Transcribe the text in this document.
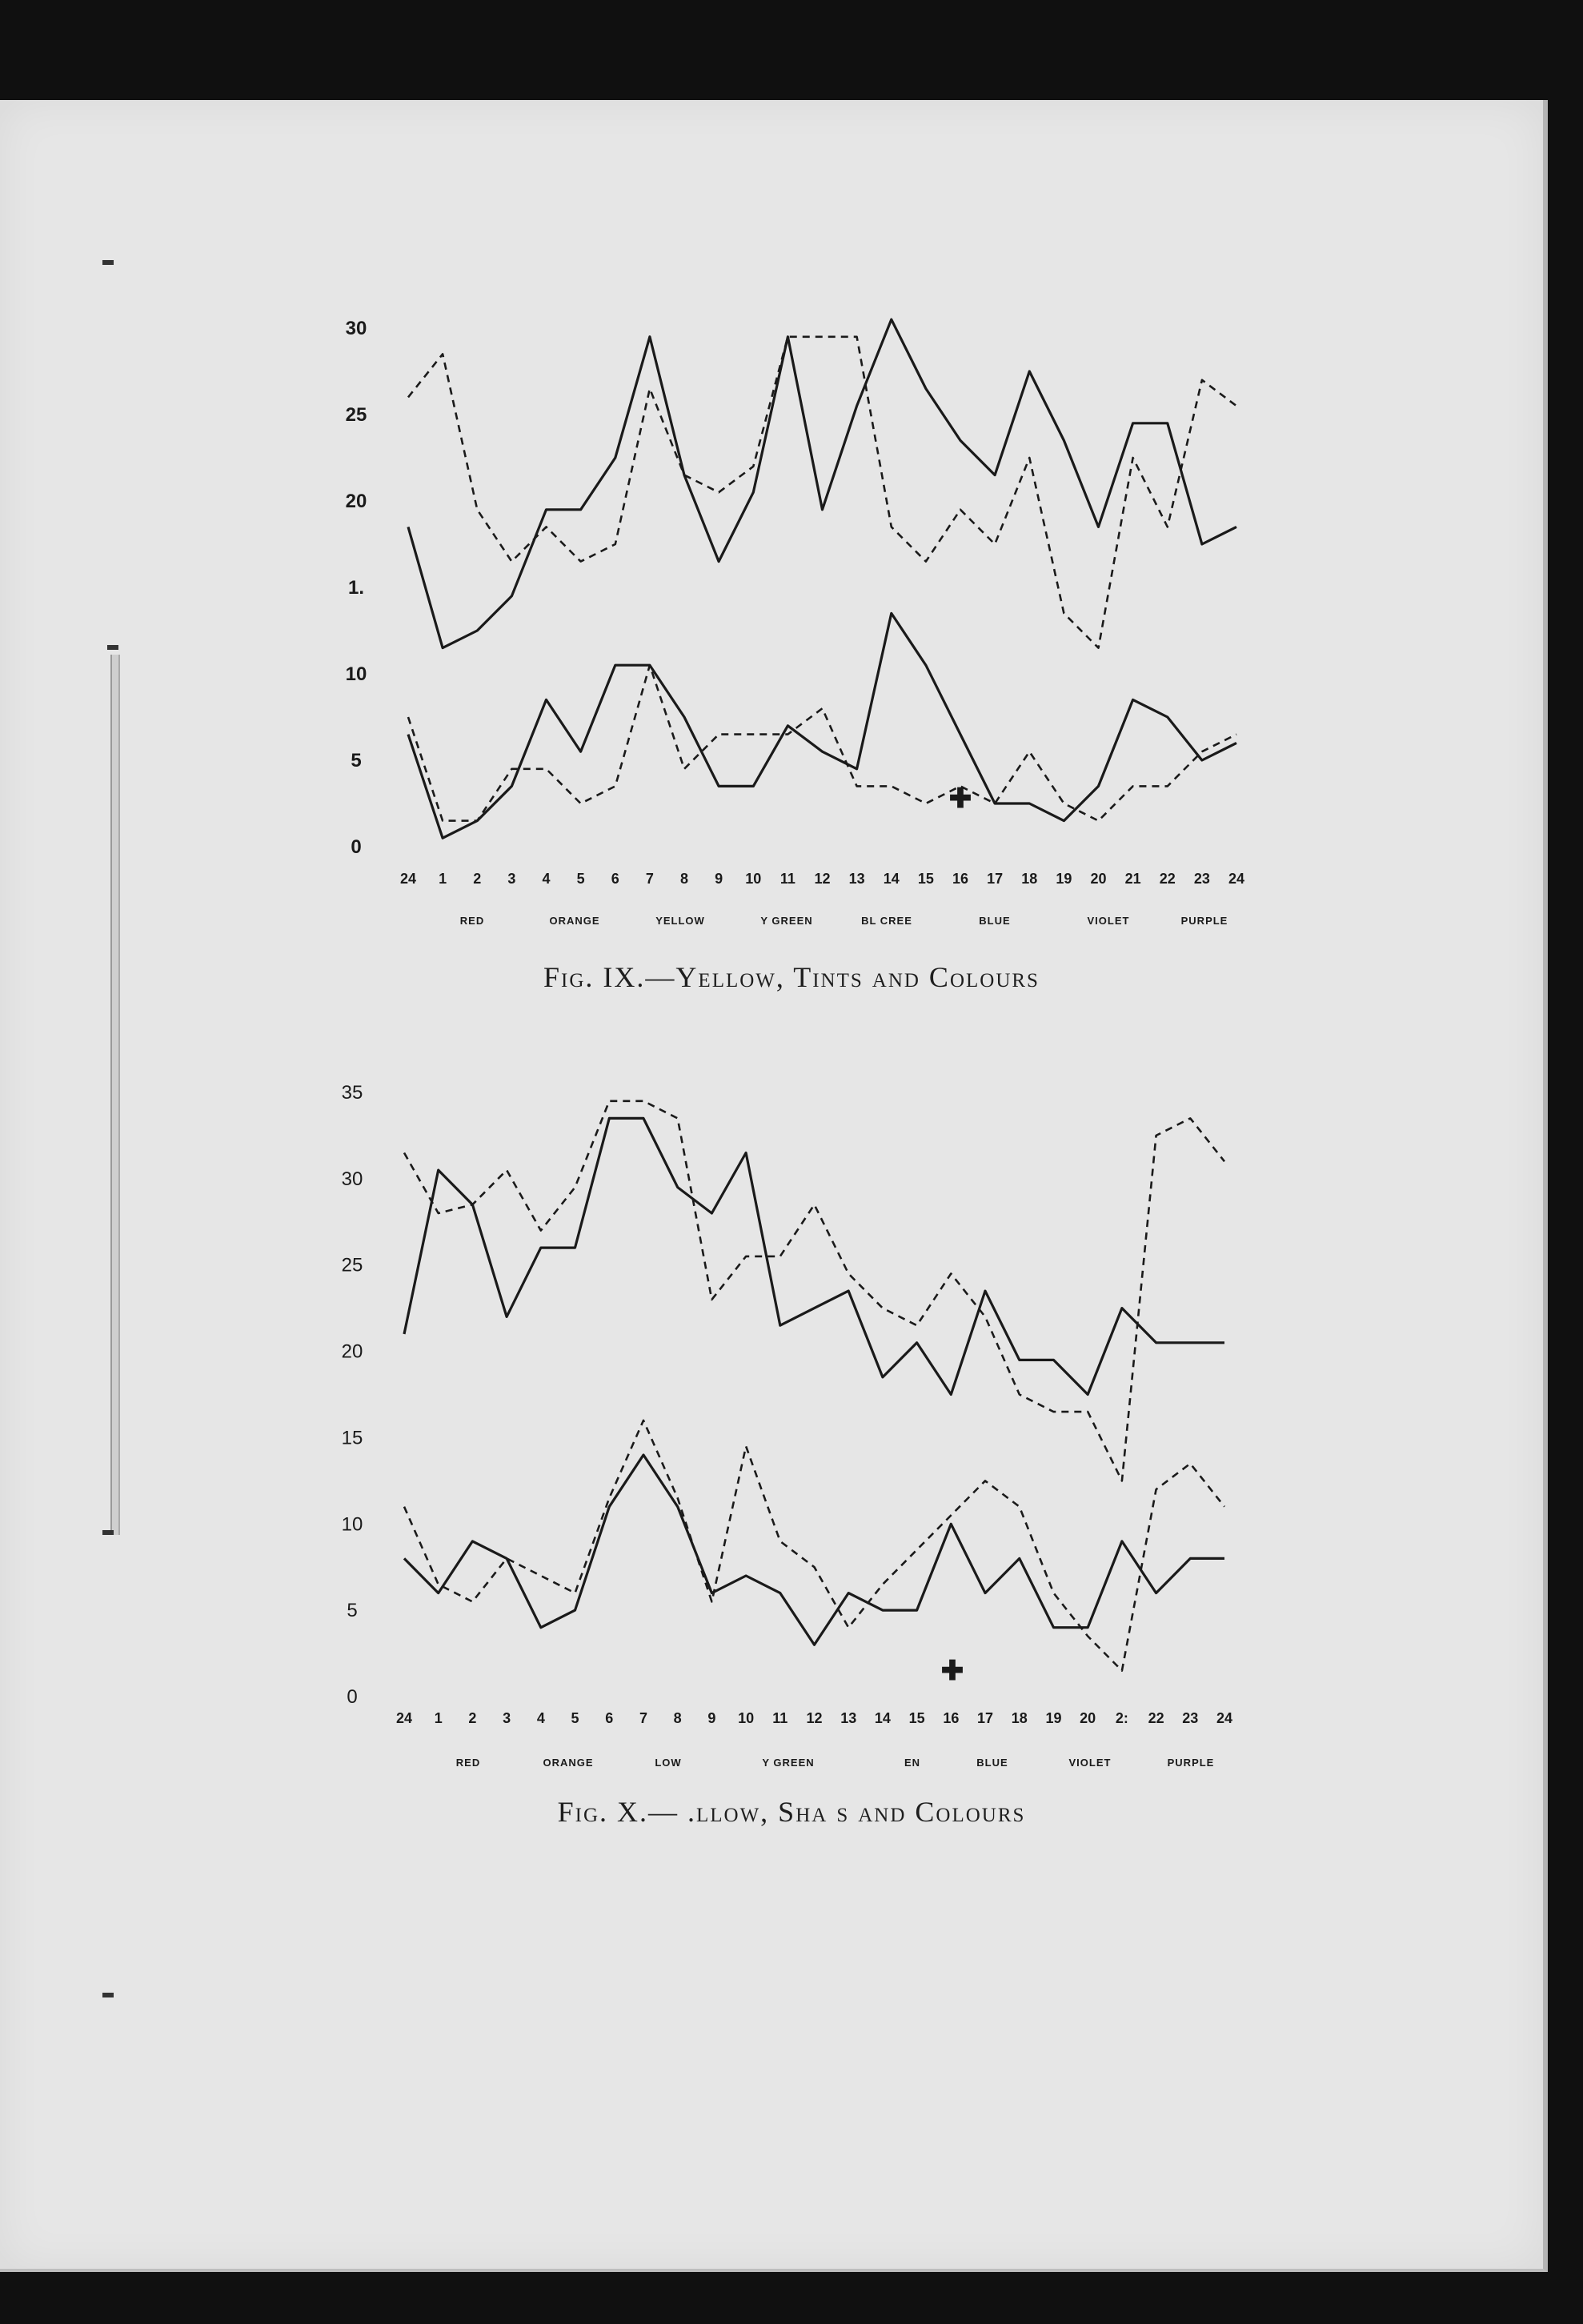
0
5
10
1.
20
25
30
24 1 2 3 4 5 6 7 8 9 10 11 12 13 14 15 16 17 18 19 20 21 22 23 24
RED	ORANGE	YELLOW	Y GREEN	BL CREE	BLUE	VIOLET	PURPLE
✚
0
5
10
15
20
25
30
35
24 1 2 3 4 5 6 7 8 9 10 11 12 13 14 15 16 17 18 19 20 2: 22 23 24
RED	ORANGE	LOW	Y GREEN	EN	BLUE	VIOLET	PURPLE
✚
Fig. IX.—Yellow, Tints and Colours
Fig. X.— .llow, Sha s and Colours
